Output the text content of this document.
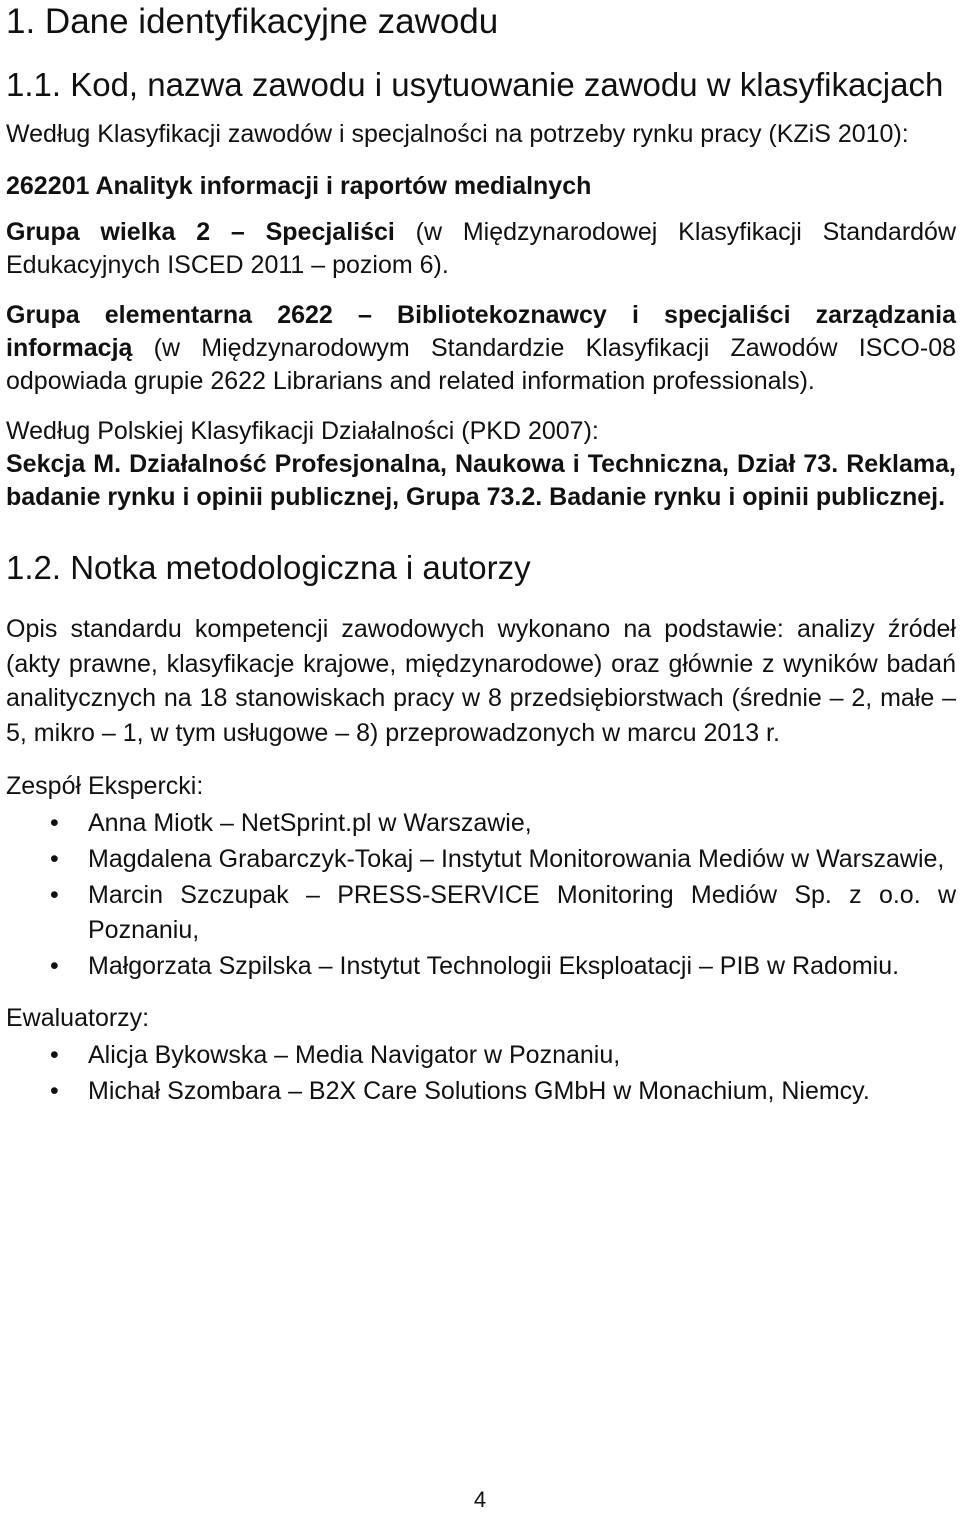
1. Dane identyfikacyjne zawodu
1.1. Kod, nazwa zawodu i usytuowanie zawodu w klasyfikacjach

Według Klasyfikacji zawodów i specjalności na potrzeby rynku pracy (KZiS 2010):

262201 Analityk informacji i raportów medialnych

Grupa wielka 2 – Specjaliści (w Międzynarodowej Klasyfikacji Standardów Edukacyjnych ISCED 2011 – poziom 6).

Grupa elementarna 2622 – Bibliotekoznawcy i specjaliści zarządzania informacją (w Międzynarodowym Standardzie Klasyfikacji Zawodów ISCO-08 odpowiada grupie 2622 Librarians and related information professionals).

Według Polskiej Klasyfikacji Działalności (PKD 2007):

Sekcja M. Działalność Profesjonalna, Naukowa i Techniczna, Dział 73. Reklama, badanie rynku i opinii publicznej, Grupa 73.2. Badanie rynku i opinii publicznej.

1.2. Notka metodologiczna i autorzy

Opis standardu kompetencji zawodowych wykonano na podstawie: analizy źródeł (akty prawne, klasyfikacje krajowe, międzynarodowe) oraz głównie z wyników badań analitycznych na 18 stanowiskach pracy w 8 przedsiębiorstwach (średnie – 2, małe – 5, mikro – 1, w tym usługowe – 8) przeprowadzonych w marcu 2013 r.

Zespół Ekspercki:

• Anna Miotk – NetSprint.pl w Warszawie,
• Magdalena Grabarczyk-Tokaj – Instytut Monitorowania Mediów w Warszawie,
• Marcin Szczupak – PRESS-SERVICE Monitoring Mediów Sp. z o.o. w Poznaniu,
• Małgorzata Szpilska – Instytut Technologii Eksploatacji – PIB w Radomiu.

Ewaluatorzy:

• Alicja Bykowska – Media Navigator w Poznaniu,
• Michał Szombara – B2X Care Solutions GMbH w Monachium, Niemcy.
4
